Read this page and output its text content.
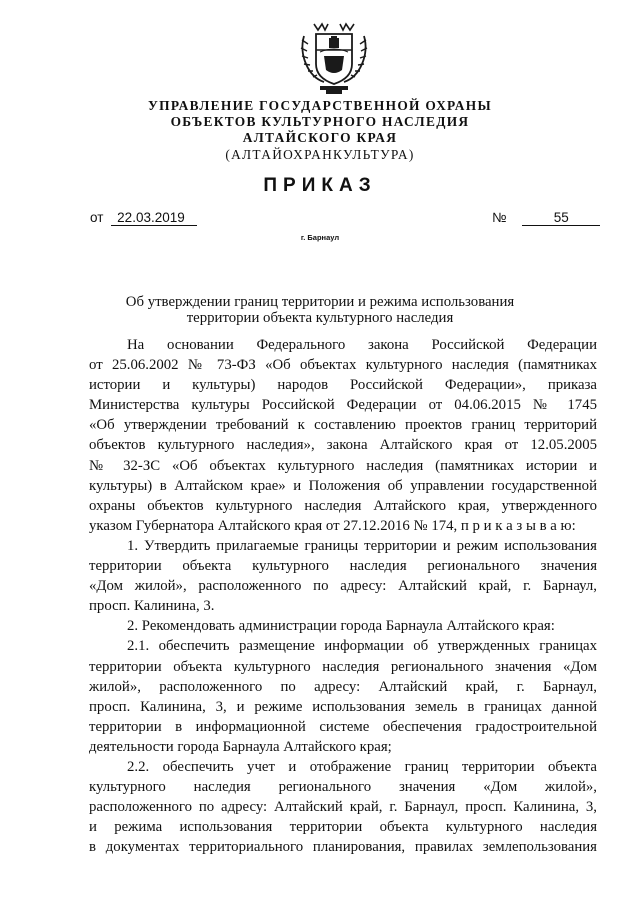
УПРАВЛЕНИЕ ГОСУДАРСТВЕННОЙ ОХРАНЫ
ОБЪЕКТОВ КУЛЬТУРНОГО НАСЛЕДИЯ
АЛТАЙСКОГО КРАЯ
(АЛТАЙОХРАНКУЛЬТУРА)
ПРИКАЗ
от 22.03.2019	№	55
г. Барнаул
Об утверждении границ территории и режима использования
территории объекта культурного наследия

На основании Федерального закона Российской Федерации

от 25.06.2002 № 73-ФЗ «Об объектах культурного наследия (памятниках

истории и культуры) народов Российской Федерации», приказа

Министерства культуры Российской Федерации от 04.06.2015 № 1745

«Об утверждении требований к составлению проектов границ территорий

объектов культурного наследия», закона Алтайского края от 12.05.2005

№ 32-ЗС «Об объектах культурного наследия (памятниках истории и

культуры) в Алтайском крае» и Положения об управлении государственной

охраны объектов культурного наследия Алтайского края, утвержденного

указом Губернатора Алтайского края от 27.12.2016 № 174, п р и к а з ы в а ю:

1. Утвердить прилагаемые границы территории и режим использования

территории объекта культурного наследия регионального значения

«Дом жилой», расположенного по адресу: Алтайский край, г. Барнаул,

просп. Калинина, 3.

2. Рекомендовать администрации города Барнаула Алтайского края:

2.1. обеспечить размещение информации об утвержденных границах

территории объекта культурного наследия регионального значения «Дом

жилой», расположенного по адресу: Алтайский край, г. Барнаул,

просп. Калинина, 3, и режиме использования земель в границах данной

территории в информационной системе обеспечения градостроительной

деятельности города Барнаула Алтайского края;

2.2. обеспечить учет и отображение границ территории объекта

культурного наследия регионального значения «Дом жилой»,

расположенного по адресу: Алтайский край, г. Барнаул, просп. Калинина, 3,

и режима использования территории объекта культурного наследия

в документах территориального планирования, правилах землепользования
